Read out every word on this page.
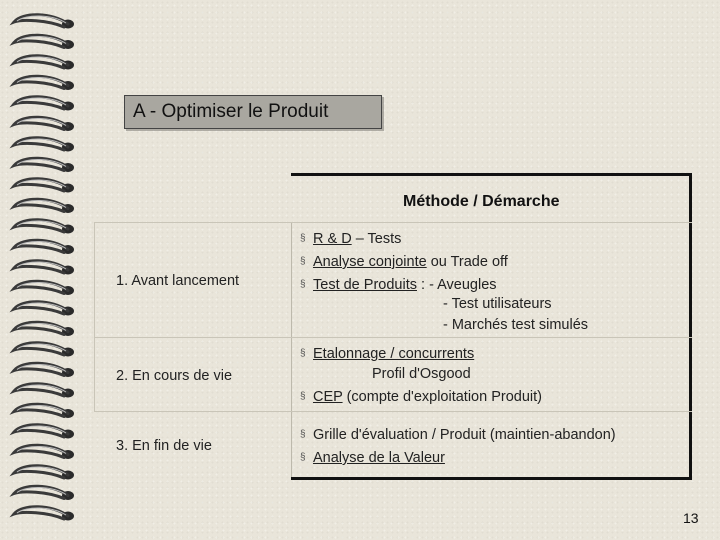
A - Optimiser le Produit
Méthode / Démarche
1. Avant lancement
§ R & D – Tests
§ Analyse conjointe ou Trade off
§ Test de Produits : - Aveugles
- Test utilisateurs
- Marchés test simulés
2. En cours de vie
§ Etalonnage / concurrents
Profil d'Osgood
§ CEP (compte d'exploitation Produit)
3. En fin de vie
§ Grille d'évaluation / Produit (maintien-abandon)
§ Analyse de la Valeur
13
